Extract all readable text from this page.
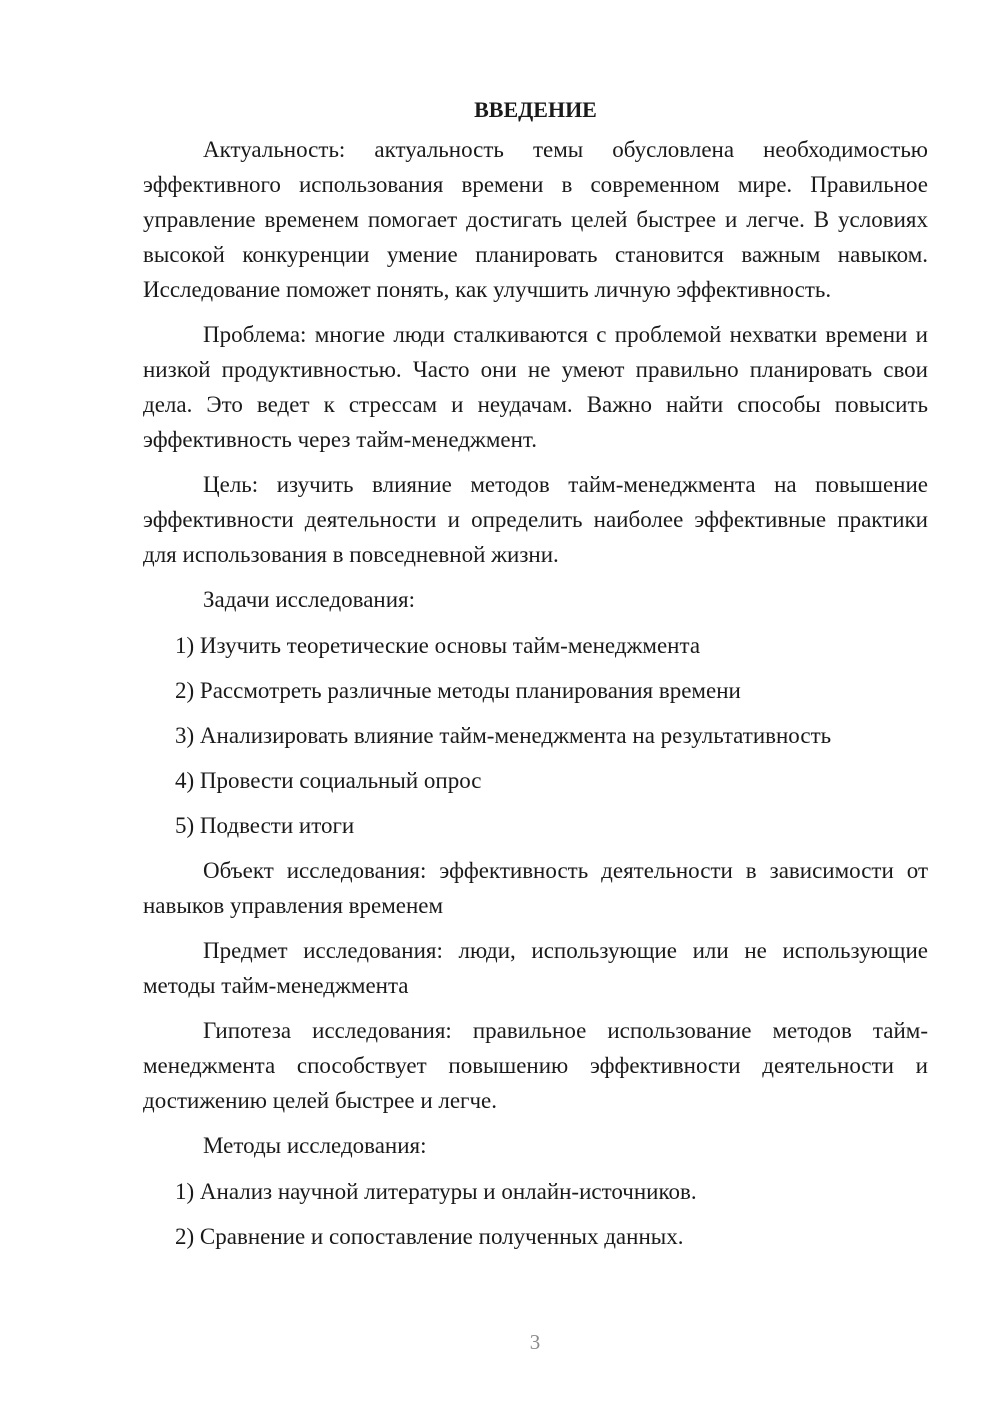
ВВЕДЕНИЕ

Актуальность: актуальность темы обусловлена необходимостью эффективного использования времени в современном мире. Правильное управление временем помогает достигать целей быстрее и легче. В условиях высокой конкуренции умение планировать становится важным навыком. Исследование поможет понять, как улучшить личную эффективность.

Проблема: многие люди сталкиваются с проблемой нехватки времени и низкой продуктивностью. Часто они не умеют правильно планировать свои дела. Это ведет к стрессам и неудачам. Важно найти способы повысить эффективность через тайм-менеджмент.

Цель: изучить влияние методов тайм-менеджмента на повышение эффективности деятельности и определить наиболее эффективные практики для использования в повседневной жизни.

Задачи исследования:

1) Изучить теоретические основы тайм-менеджмента

2) Рассмотреть различные методы планирования времени

3) Анализировать влияние тайм-менеджмента на результативность

4) Провести социальный опрос

5) Подвести итоги

Объект исследования: эффективность деятельности в зависимости от навыков управления временем

Предмет исследования: люди, использующие или не использующие методы тайм-менеджмента

Гипотеза исследования: правильное использование методов тайм-менеджмента способствует повышению эффективности деятельности и достижению целей быстрее и легче.

Методы исследования:

1) Анализ научной литературы и онлайн-источников.

2) Сравнение и сопоставление полученных данных.

3
